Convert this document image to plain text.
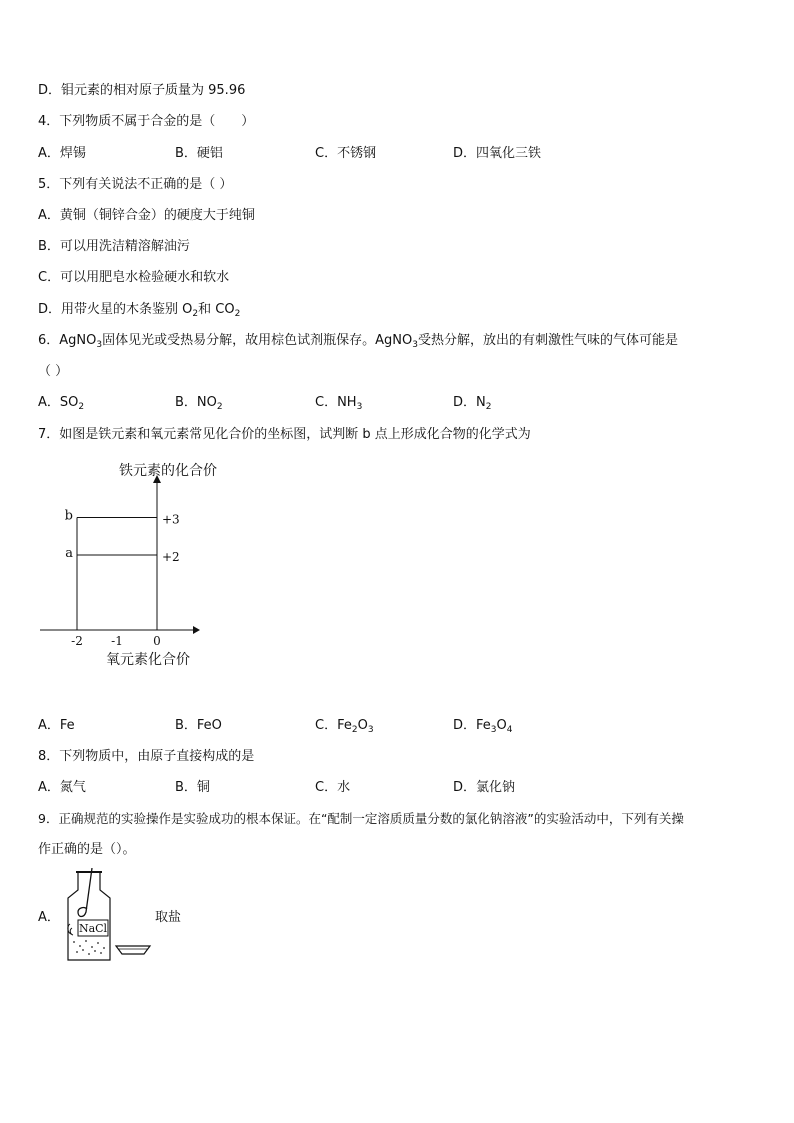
D．钼元素的相对原子质量为 95.96
4．下列物质不属于合金的是（　　）
A．焊锡	B．硬铝	C．不锈钢	D．四氧化三铁
5．下列有关说法不正确的是（ ）
A．黄铜（铜锌合金）的硬度大于纯铜
B．可以用洗洁精溶解油污
C．可以用肥皂水检验硬水和软水
D．用带火星的木条鉴别 $O_2$和 $CO_2$
6．AgNO$_3$固体见光或受热易分解，故用棕色试剂瓶保存。AgNO$_3$受热分解，放出的有刺激性气味的气体可能是
（ ）
A．$SO_2$	B．$NO_2$	C．$NH_3$	D．$N_2$
7．如图是铁元素和氧元素常见化合价的坐标图，试判断 b 点上形成化合物的化学式为
-2 -1	0
b	+3
a	+2
铁元素的化合价
氧元素化合价
A．Fe	B．FeO	C．$Fe_2O_3$	D．$Fe_3O_4$
8．下列物质中，由原子直接构成的是
A．氮气	B．铜	C．水	D．氯化钠
9．正确规范的实验操作是实验成功的根本保证。在“配制一定溶质质量分数的氯化钠溶液”的实验活动中，下列有关操
作正确的是（）。
A．
NaCl
取盐
